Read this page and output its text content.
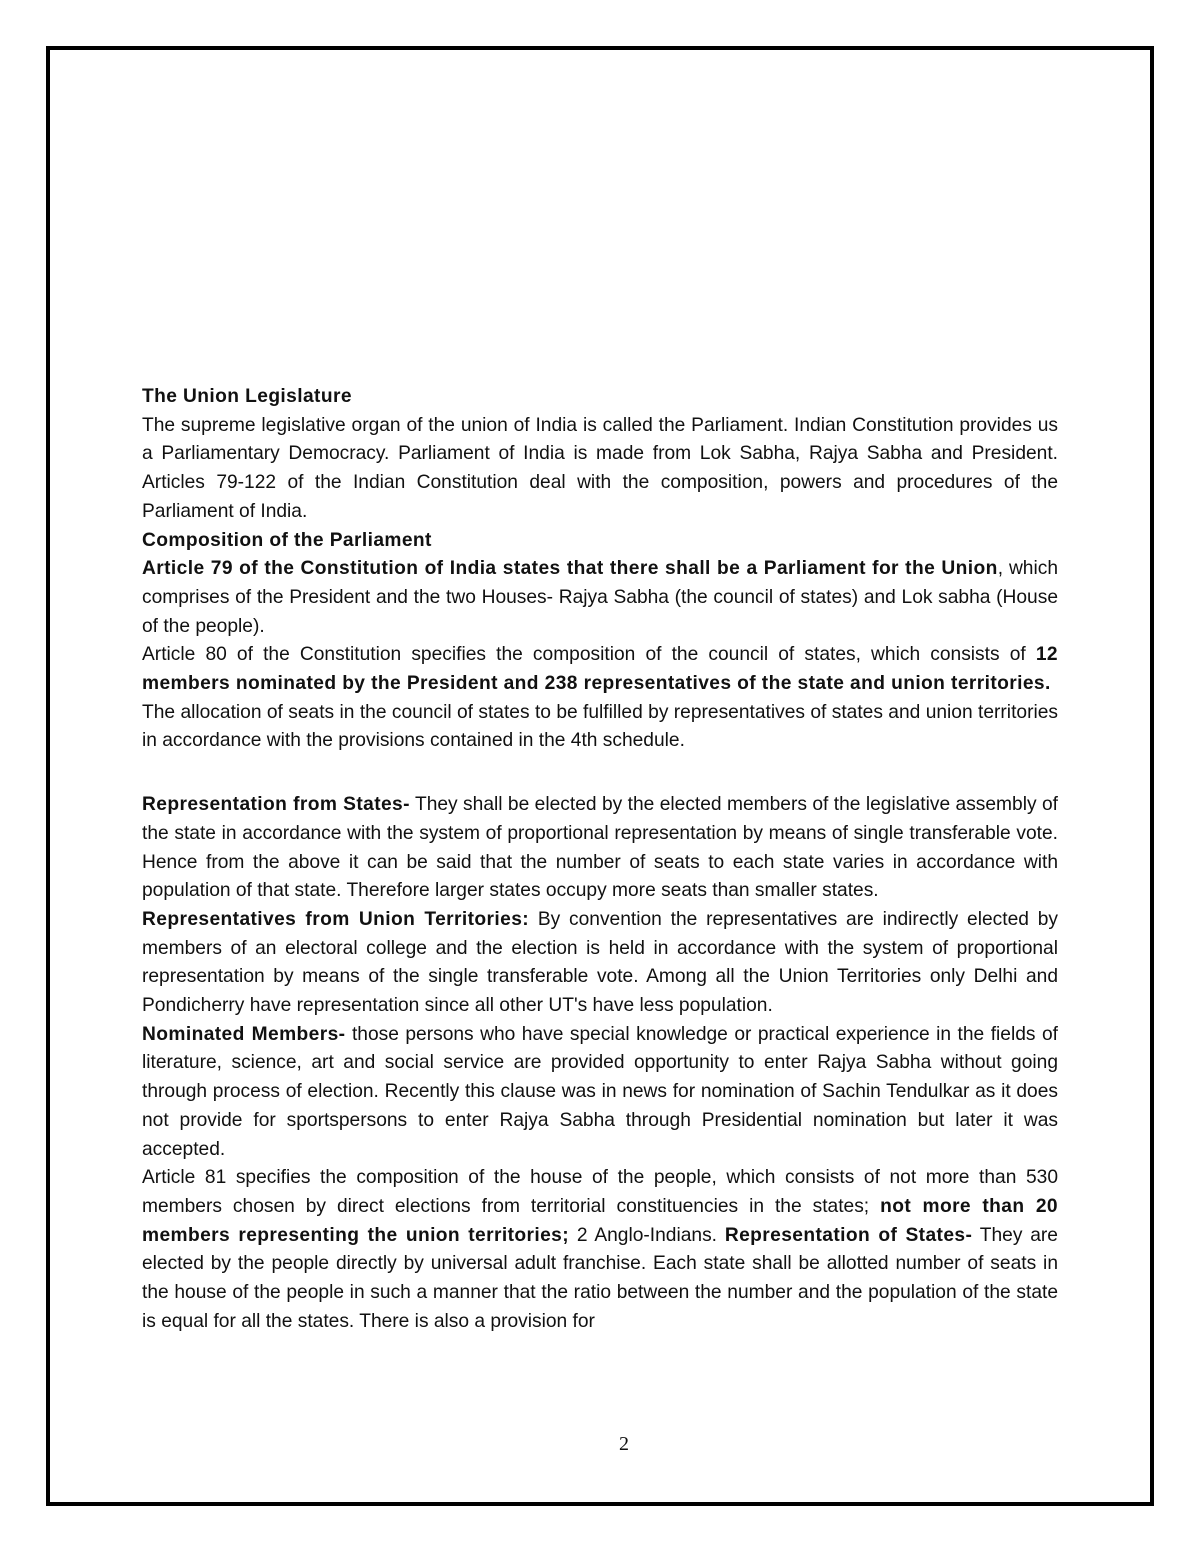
The Union Legislature

The supreme legislative organ of the union of India is called the Parliament. Indian Constitution provides us a Parliamentary Democracy. Parliament of India is made from Lok Sabha, Rajya Sabha and President. Articles 79-122 of the Indian Constitution deal with the composition, powers and procedures of the Parliament of India.

Composition of the Parliament

Article 79 of the Constitution of India states that there shall be a Parliament for the Union, which comprises of the President and the two Houses- Rajya Sabha (the council of states) and Lok sabha (House of the people).

Article 80 of the Constitution specifies the composition of the council of states, which consists of 12 members nominated by the President and 238 representatives of the state and union territories.

The allocation of seats in the council of states to be fulfilled by representatives of states and union territories in accordance with the provisions contained in the 4th schedule.

Representation from States- They shall be elected by the elected members of the legislative assembly of the state in accordance with the system of proportional representation by means of single transferable vote. Hence from the above it can be said that the number of seats to each state varies in accordance with population of that state. Therefore larger states occupy more seats than smaller states.

Representatives from Union Territories: By convention the representatives are indirectly elected by members of an electoral college and the election is held in accordance with the system of proportional representation by means of the single transferable vote. Among all the Union Territories only Delhi and Pondicherry have representation since all other UT's have less population.

Nominated Members- those persons who have special knowledge or practical experience in the fields of literature, science, art and social service are provided opportunity to enter Rajya Sabha without going through process of election. Recently this clause was in news for nomination of Sachin Tendulkar as it does not provide for sportspersons to enter Rajya Sabha through Presidential nomination but later it was accepted.

Article 81 specifies the composition of the house of the people, which consists of not more than 530 members chosen by direct elections from territorial constituencies in the states; not more than 20 members representing the union territories; 2 Anglo-Indians. Representation of States- They are elected by the people directly by universal adult franchise. Each state shall be allotted number of seats in the house of the people in such a manner that the ratio between the number and the population of the state is equal for all the states. There is also a provision for

2
